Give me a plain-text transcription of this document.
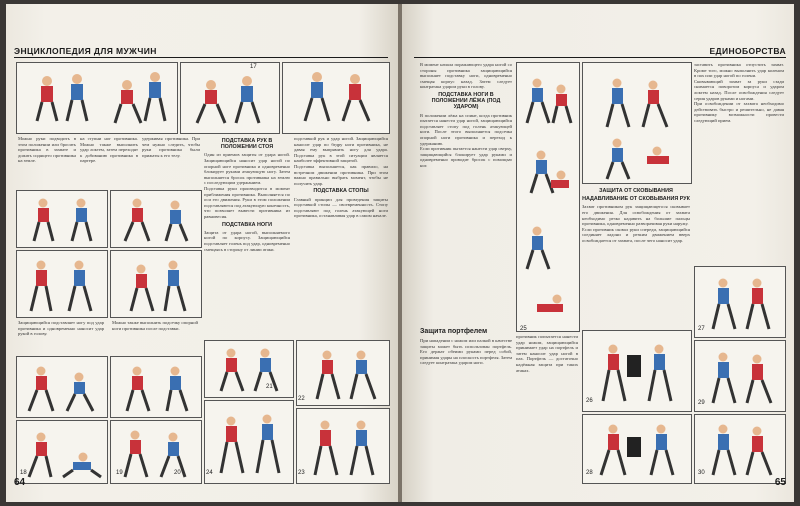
ЭНЦИКЛОПЕДИЯ ДЛЯ МУЖЧИН
17

Можно руки подводить в этом положении или бросить противника в захвате и дожать сидящего противника на земле.

на ступни ног противника. Можно также выполнить удар локтем, затем переходят к добиванию противника в партере.

удерживая противника. При чем нужно следить, чтобы руки противника были прижаты к его телу.

ПОДСТАВКА РУК В ПОЛОЖЕНИИ СТОЯ

Один из приемов защиты от удара ногой. Защищающийся наносит удар ногой по опорной ноге противника и одновременно блокирует руками атакующую ногу. Затем выполняется бросок противника на землю с последующим удержанием.

Подставка руки производится в момент приближения противника. Выполняется по оси его движения. Руки в этом положении подставляются под атакующую конечность, что позволяет вывести противника из равновесия.

ПОДСТАВКА НОГИ

Защита от удара ногой, выполняемого ногой по корпусу. Защищающийся подставляет голень под удар, одновременно смещаясь в сторону от линии атаки.

подставкой рук и удар ногой. Защищающийся наносит удар по бедру ноги противника, не давая ему выпрямить ногу для удара. Подставка рук в этой ситуации является наиболее эффективной защитой.

Подставка выполняется, как правило, на встречном движении противника. При этом важно правильно выбрать момент, чтобы не получить удар.

ПОДСТАВКА СТОПЫ

Главный принцип для проведения защиты подставкой стопы — своевременность. Стопу подставляют под голень атакующей ноги противника, останавливая удар в самом начале.

Защищающийся подставляет ногу под удар противника и одновременно наносит удар рукой в голову.

Можно также выполнить подсечку опорной ноги противника после подставки.

18	19	20
21
22
23
24
64
ЕДИНОБОРСТВА

В момент начала поражающего удара ногой со стороны противника защищающийся выполняет подставку ноги, одновременно смещая корпус назад. Затем следует контратака ударом руки в голову.

ПОДСТАВКА НОГИ В ПОЛОЖЕНИИ ЛЁЖА (ПОД УДАРОМ)

В положении лёжа на спине, когда противник пытается нанести удар ногой, защищающийся подставляет стопу под голень атакующей ноги. После этого выполняется подсечка опорной ноги противника и переход к удержанию.

Если противник пытается нанести удар сверху, защищающийся блокирует удар руками и одновременно проводит бросок с помощью ног.

Защита портфелем

При нападении с ножом или палкой в качестве защиты может быть использован портфель. Его держат обеими руками перед собой, принимая удары на плоскость портфеля. Затем следует контратака ударом ноги.

противник попытается нанести удар ножом, защищающийся принимает удар на портфель и затем наносит удар ногой в пах. Портфель — достаточно надёжная защита при таких атаках.

ЗАЩИТА ОТ СКОВЫВАНИЯ
НАДАВЛИВАНИЕ ОТ СКОВЫВАНИЯ РУК

Захват противником рук защищающегося сковывает его движения. Для освобождения от захвата необходимо резко надавить на большие пальцы противника, одновременно разворачивая руки наружу.

Если противник сковал руки спереди, защищающийся соединяет ладони и резким движением вверх освобождается от захвата, после чего наносит удар.

заставить противника отпустить захват. Кроме того, можно выполнить удар коленом в пах или удар ногой по голени.

Сковывающий захват за руки сзади снимается поворотом корпуса и ударом локтем назад. После освобождения следует серия ударов руками и ногами.

При освобождении от захвата необходимо действовать быстро и решительно, не давая противнику возможности провести следующий прием.

26
28
27
29
30
25
65
